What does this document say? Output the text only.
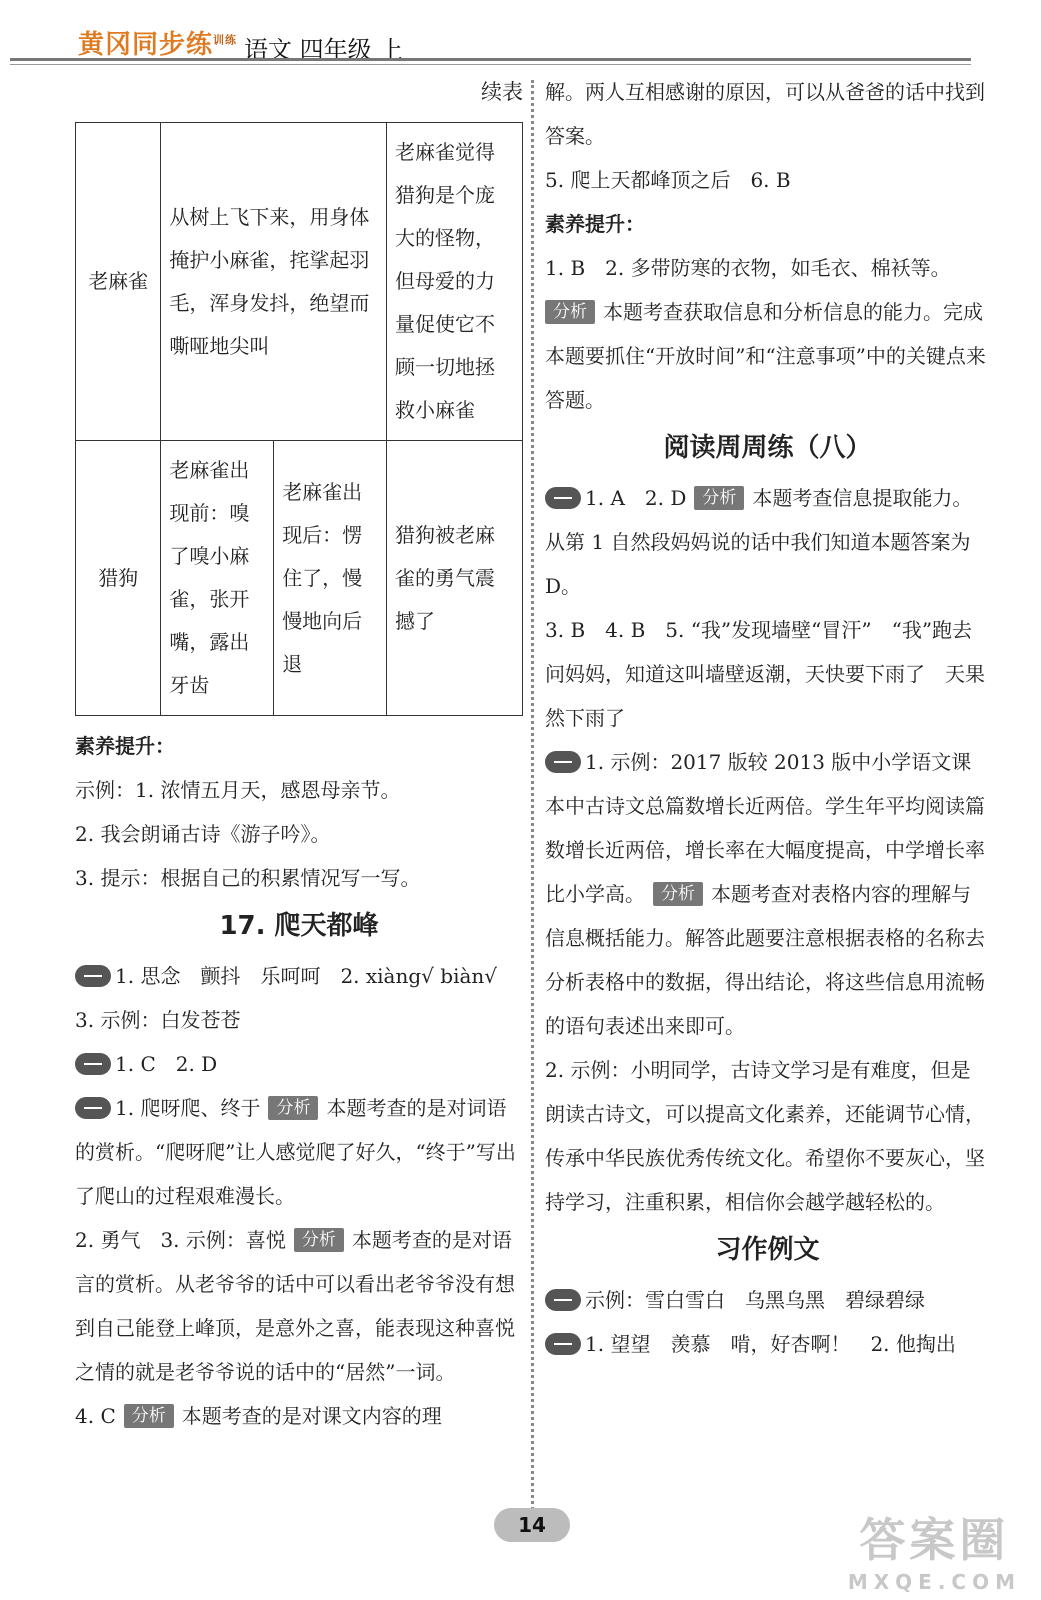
黄冈同步练$^{训练}$ 语文 四年级 上

续表

老麻雀	从树上飞下来，用身体掩护小麻雀，挓挲起羽毛，浑身发抖，绝望而嘶哑地尖叫		老麻雀觉得猎狗是个庞大的怪物，但母爱的力量促使它不顾一切地拯救小麻雀
猎狗	老麻雀出现前：嗅了嗅小麻雀，张开嘴，露出牙齿	老麻雀出现后：愣住了，慢慢地向后退	猎狗被老麻雀的勇气震撼了

素养提升：

示例：1. 浓情五月天，感恩母亲节。

2. 我会朗诵古诗《游子吟》。

3. 提示：根据自己的积累情况写一写。

17. 爬天都峰

1. 思念　颤抖　乐呵呵　2. xiàng√ biàn√　3. 示例：白发苍苍

1. C　2. D

1. 爬呀爬、终于 分析 本题考查的是对词语的赏析。“爬呀爬”让人感觉爬了好久，“终于”写出了爬山的过程艰难漫长。

2. 勇气　3. 示例：喜悦 分析 本题考查的是对语言的赏析。从老爷爷的话中可以看出老爷爷没有想到自己能登上峰顶，是意外之喜，能表现这种喜悦之情的就是老爷爷说的话中的“居然”一词。

4. C 分析 本题考查的是对课文内容的理

解。两人互相感谢的原因，可以从爸爸的话中找到答案。

5. 爬上天都峰顶之后　6. B

素养提升：

1. B　2. 多带防寒的衣物，如毛衣、棉袄等。

分析 本题考查获取信息和分析信息的能力。完成本题要抓住“开放时间”和“注意事项”中的关键点来答题。

阅读周周练（八）

1. A　2. D 分析 本题考查信息提取能力。从第 1 自然段妈妈说的话中我们知道本题答案为 D。

3. B　4. B　5. “我”发现墙壁“冒汗”　“我”跑去问妈妈，知道这叫墙壁返潮，天快要下雨了　天果然下雨了

1. 示例：2017 版较 2013 版中小学语文课本中古诗文总篇数增长近两倍。学生年平均阅读篇数增长近两倍，增长率在大幅度提高，中学增长率比小学高。 分析 本题考查对表格内容的理解与信息概括能力。解答此题要注意根据表格的名称去分析表格中的数据，得出结论，将这些信息用流畅的语句表述出来即可。

2. 示例：小明同学，古诗文学习是有难度，但是朗读古诗文，可以提高文化素养，还能调节心情，传承中华民族优秀传统文化。希望你不要灰心，坚持学习，注重积累，相信你会越学越轻松的。

习作例文

示例：雪白雪白　乌黑乌黑　碧绿碧绿

1. 望望　羡慕　啃，好杏啊！　2. 他掏出

14	答案圈
MXQE.COM
